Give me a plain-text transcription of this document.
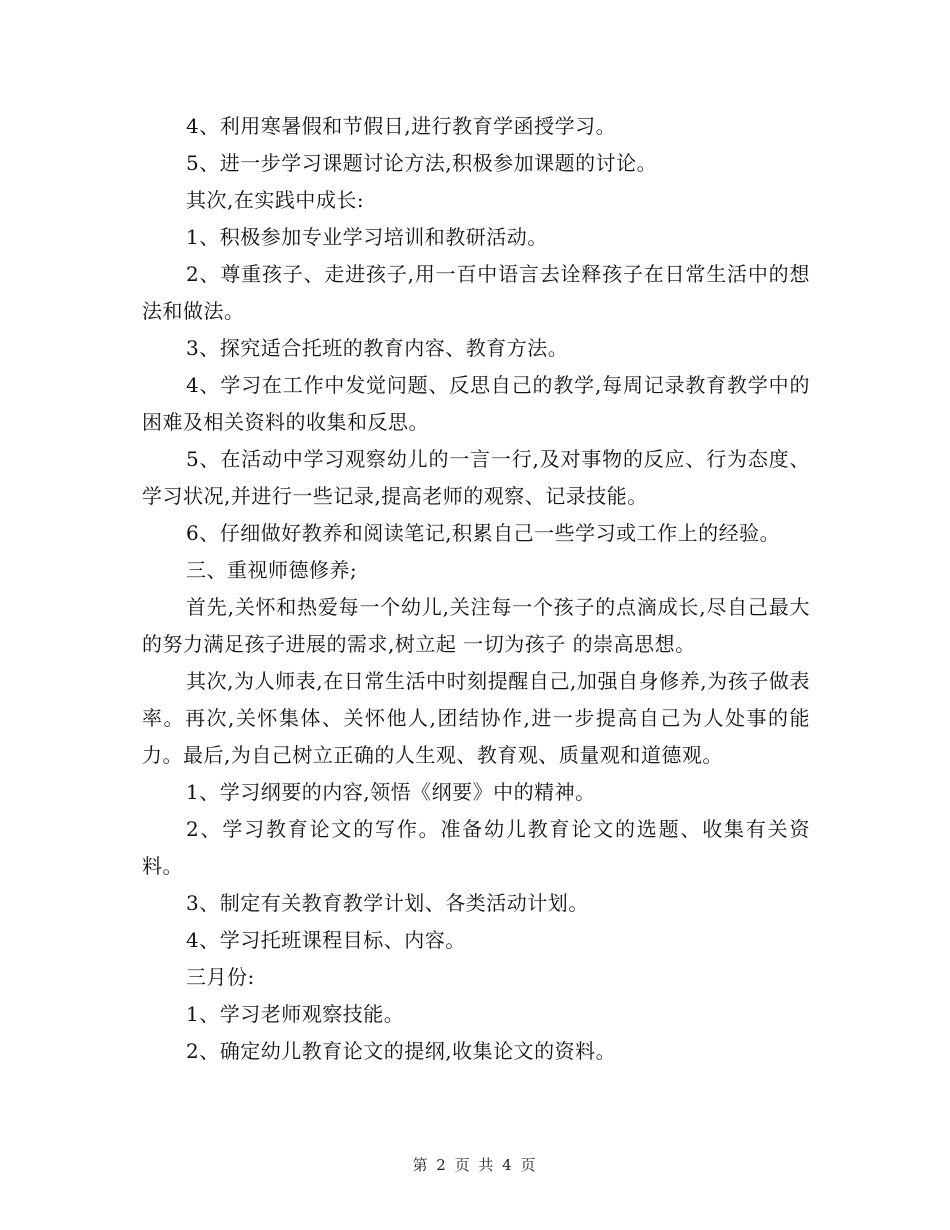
4、利用寒暑假和节假日,进行教育学函授学习。

5、进一步学习课题讨论方法,积极参加课题的讨论。

其次,在实践中成长:

1、积极参加专业学习培训和教研活动。

2、尊重孩子、走进孩子,用一百中语言去诠释孩子在日常生活中的想法和做法。

3、探究适合托班的教育内容、教育方法。

4、学习在工作中发觉问题、反思自己的教学,每周记录教育教学中的困难及相关资料的收集和反思。

5、在活动中学习观察幼儿的一言一行,及对事物的反应、行为态度、学习状况,并进行一些记录,提高老师的观察、记录技能。

6、仔细做好教养和阅读笔记,积累自己一些学习或工作上的经验。

三、重视师德修养;

首先,关怀和热爱每一个幼儿,关注每一个孩子的点滴成长,尽自己最大的努力满足孩子进展的需求,树立起 一切为孩子 的崇高思想。

其次,为人师表,在日常生活中时刻提醒自己,加强自身修养,为孩子做表率。再次,关怀集体、关怀他人,团结协作,进一步提高自己为人处事的能力。最后,为自己树立正确的人生观、教育观、质量观和道德观。

1、学习纲要的内容,领悟《纲要》中的精神。

2、学习教育论文的写作。准备幼儿教育论文的选题、收集有关资料。

3、制定有关教育教学计划、各类活动计划。

4、学习托班课程目标、内容。

三月份:

1、学习老师观察技能。

2、确定幼儿教育论文的提纲,收集论文的资料。

第 2 页 共 4 页
